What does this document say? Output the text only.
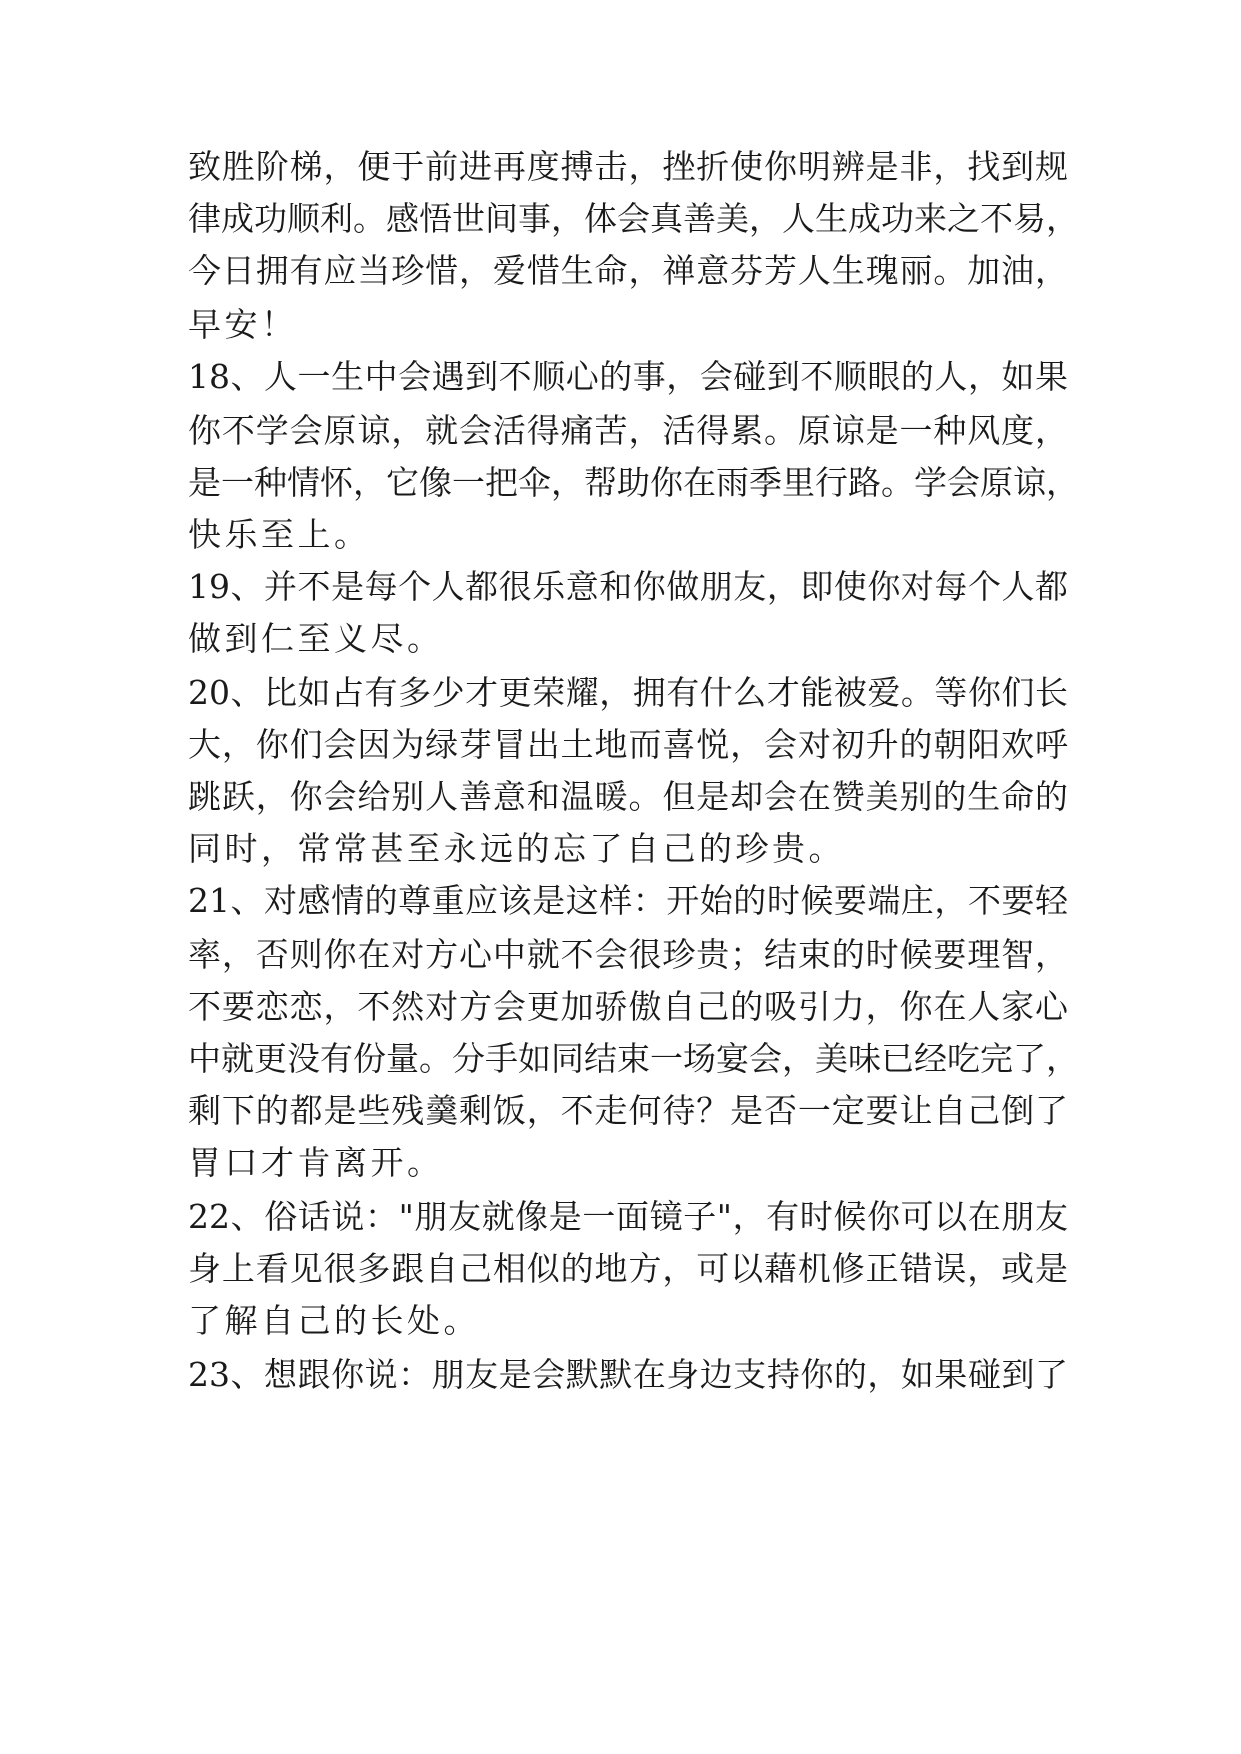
致胜阶梯，便于前进再度搏击，挫折使你明辨是非，找到规
律成功顺利。感悟世间事，体会真善美，人生成功来之不易，
今日拥有应当珍惜，爱惜生命，禅意芬芳人生瑰丽。加油，
早安！
18、人一生中会遇到不顺心的事，会碰到不顺眼的人，如果
你不学会原谅，就会活得痛苦，活得累。原谅是一种风度，
是一种情怀，它像一把伞，帮助你在雨季里行路。学会原谅，
快乐至上。
19、并不是每个人都很乐意和你做朋友，即使你对每个人都
做到仁至义尽。
20、比如占有多少才更荣耀，拥有什么才能被爱。等你们长
大，你们会因为绿芽冒出土地而喜悦，会对初升的朝阳欢呼
跳跃，你会给别人善意和温暖。但是却会在赞美别的生命的
同时，常常甚至永远的忘了自己的珍贵。
21、对感情的尊重应该是这样：开始的时候要端庄，不要轻
率，否则你在对方心中就不会很珍贵；结束的时候要理智，
不要恋恋，不然对方会更加骄傲自己的吸引力，你在人家心
中就更没有份量。分手如同结束一场宴会，美味已经吃完了，
剩下的都是些残羹剩饭，不走何待？是否一定要让自己倒了
胃口才肯离开。
22、俗话说："朋友就像是一面镜子"，有时候你可以在朋友
身上看见很多跟自己相似的地方，可以藉机修正错误，或是
了解自己的长处。
23、想跟你说：朋友是会默默在身边支持你的，如果碰到了
